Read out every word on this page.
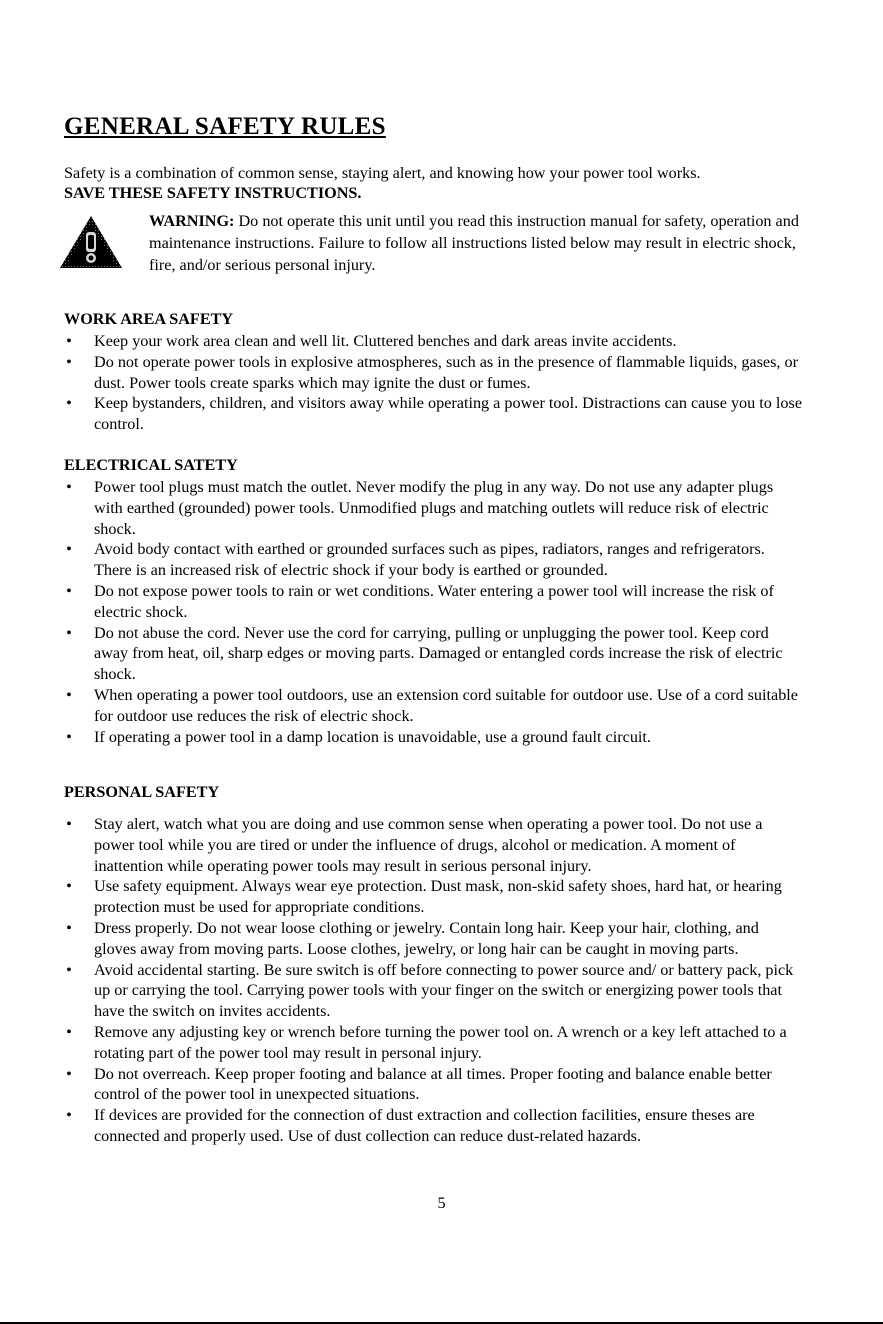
GENERAL SAFETY RULES

Safety is a combination of common sense, staying alert, and knowing how your power tool works.
SAVE THESE SAFETY INSTRUCTIONS.

WARNING: Do not operate this unit until you read this instruction manual for safety, operation and maintenance instructions. Failure to follow all instructions listed below may result in electric shock, fire, and/or serious personal injury.

WORK AREA SAFETY
• Keep your work area clean and well lit. Cluttered benches and dark areas invite accidents.
• Do not operate power tools in explosive atmospheres, such as in the presence of flammable liquids, gases, or dust. Power tools create sparks which may ignite the dust or fumes.
• Keep bystanders, children, and visitors away while operating a power tool. Distractions can cause you to lose control.
ELECTRICAL SATETY
• Power tool plugs must match the outlet. Never modify the plug in any way. Do not use any adapter plugs with earthed (grounded) power tools. Unmodified plugs and matching outlets will reduce risk of electric shock.
• Avoid body contact with earthed or grounded surfaces such as pipes, radiators, ranges and refrigerators. There is an increased risk of electric shock if your body is earthed or grounded.
• Do not expose power tools to rain or wet conditions. Water entering a power tool will increase the risk of electric shock.
• Do not abuse the cord. Never use the cord for carrying, pulling or unplugging the power tool. Keep cord away from heat, oil, sharp edges or moving parts. Damaged or entangled cords increase the risk of electric shock.
• When operating a power tool outdoors, use an extension cord suitable for outdoor use. Use of a cord suitable for outdoor use reduces the risk of electric shock.
• If operating a power tool in a damp location is unavoidable, use a ground fault circuit.
PERSONAL SAFETY
• Stay alert, watch what you are doing and use common sense when operating a power tool. Do not use a power tool while you are tired or under the influence of drugs, alcohol or medication. A moment of inattention while operating power tools may result in serious personal injury.
• Use safety equipment. Always wear eye protection. Dust mask, non-skid safety shoes, hard hat, or hearing protection must be used for appropriate conditions.
• Dress properly. Do not wear loose clothing or jewelry. Contain long hair. Keep your hair, clothing, and gloves away from moving parts. Loose clothes, jewelry, or long hair can be caught in moving parts.
• Avoid accidental starting. Be sure switch is off before connecting to power source and/ or battery pack, pick up or carrying the tool. Carrying power tools with your finger on the switch or energizing power tools that have the switch on invites accidents.
• Remove any adjusting key or wrench before turning the power tool on. A wrench or a key left attached to a rotating part of the power tool may result in personal injury.
• Do not overreach. Keep proper footing and balance at all times. Proper footing and balance enable better control of the power tool in unexpected situations.
• If devices are provided for the connection of dust extraction and collection facilities, ensure theses are connected and properly used. Use of dust collection can reduce dust-related hazards.
5
